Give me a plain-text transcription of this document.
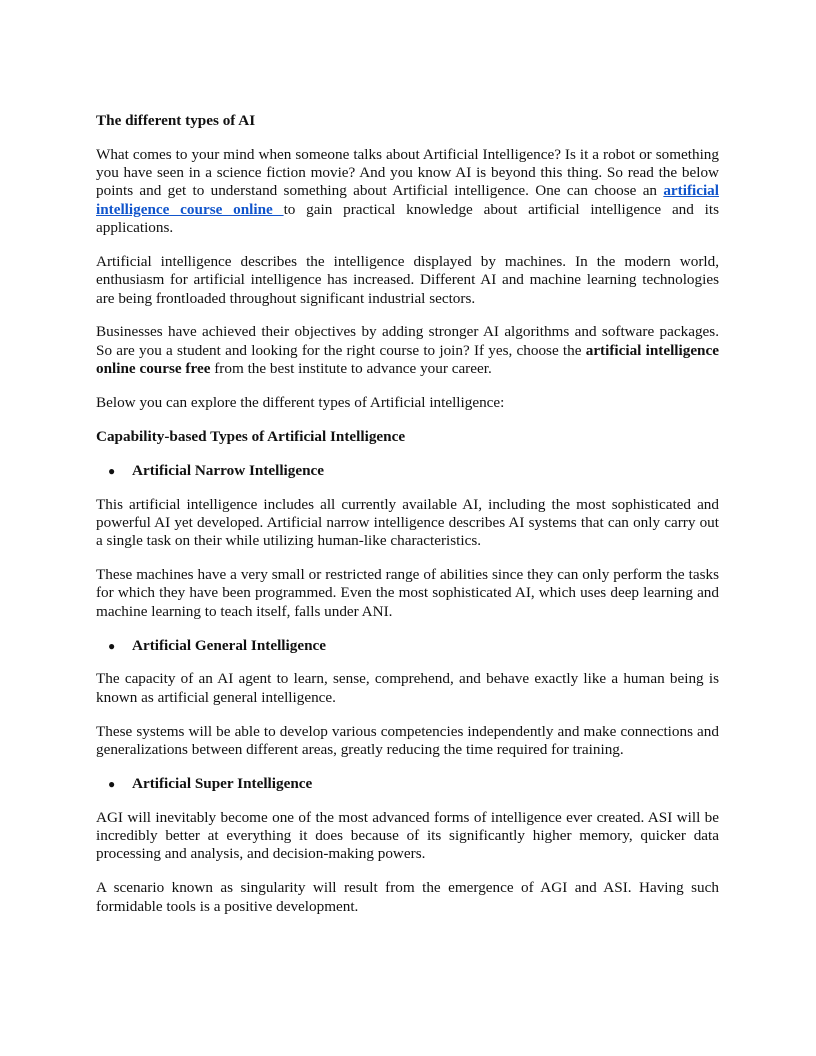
The different types of AI

What comes to your mind when someone talks about Artificial Intelligence? Is it a robot or something you have seen in a science fiction movie? And you know AI is beyond this thing. So read the below points and get to understand something about Artificial intelligence. One can choose an artificial intelligence course online to gain practical knowledge about artificial intelligence and its applications.

Artificial intelligence describes the intelligence displayed by machines. In the modern world, enthusiasm for artificial intelligence has increased. Different AI and machine learning technologies are being frontloaded throughout significant industrial sectors.

Businesses have achieved their objectives by adding stronger AI algorithms and software packages. So are you a student and looking for the right course to join? If yes, choose the artificial intelligence online course free from the best institute to advance your career.

Below you can explore the different types of Artificial intelligence:

Capability-based Types of Artificial Intelligence
●	Artificial Narrow Intelligence

This artificial intelligence includes all currently available AI, including the most sophisticated and powerful AI yet developed. Artificial narrow intelligence describes AI systems that can only carry out a single task on their while utilizing human-like characteristics.

These machines have a very small or restricted range of abilities since they can only perform the tasks for which they have been programmed. Even the most sophisticated AI, which uses deep learning and machine learning to teach itself, falls under ANI.

●	Artificial General Intelligence

The capacity of an AI agent to learn, sense, comprehend, and behave exactly like a human being is known as artificial general intelligence.

These systems will be able to develop various competencies independently and make connections and generalizations between different areas, greatly reducing the time required for training.

●	Artificial Super Intelligence

AGI will inevitably become one of the most advanced forms of intelligence ever created. ASI will be incredibly better at everything it does because of its significantly higher memory, quicker data processing and analysis, and decision-making powers.

A scenario known as singularity will result from the emergence of AGI and ASI. Having such formidable tools is a positive development.
